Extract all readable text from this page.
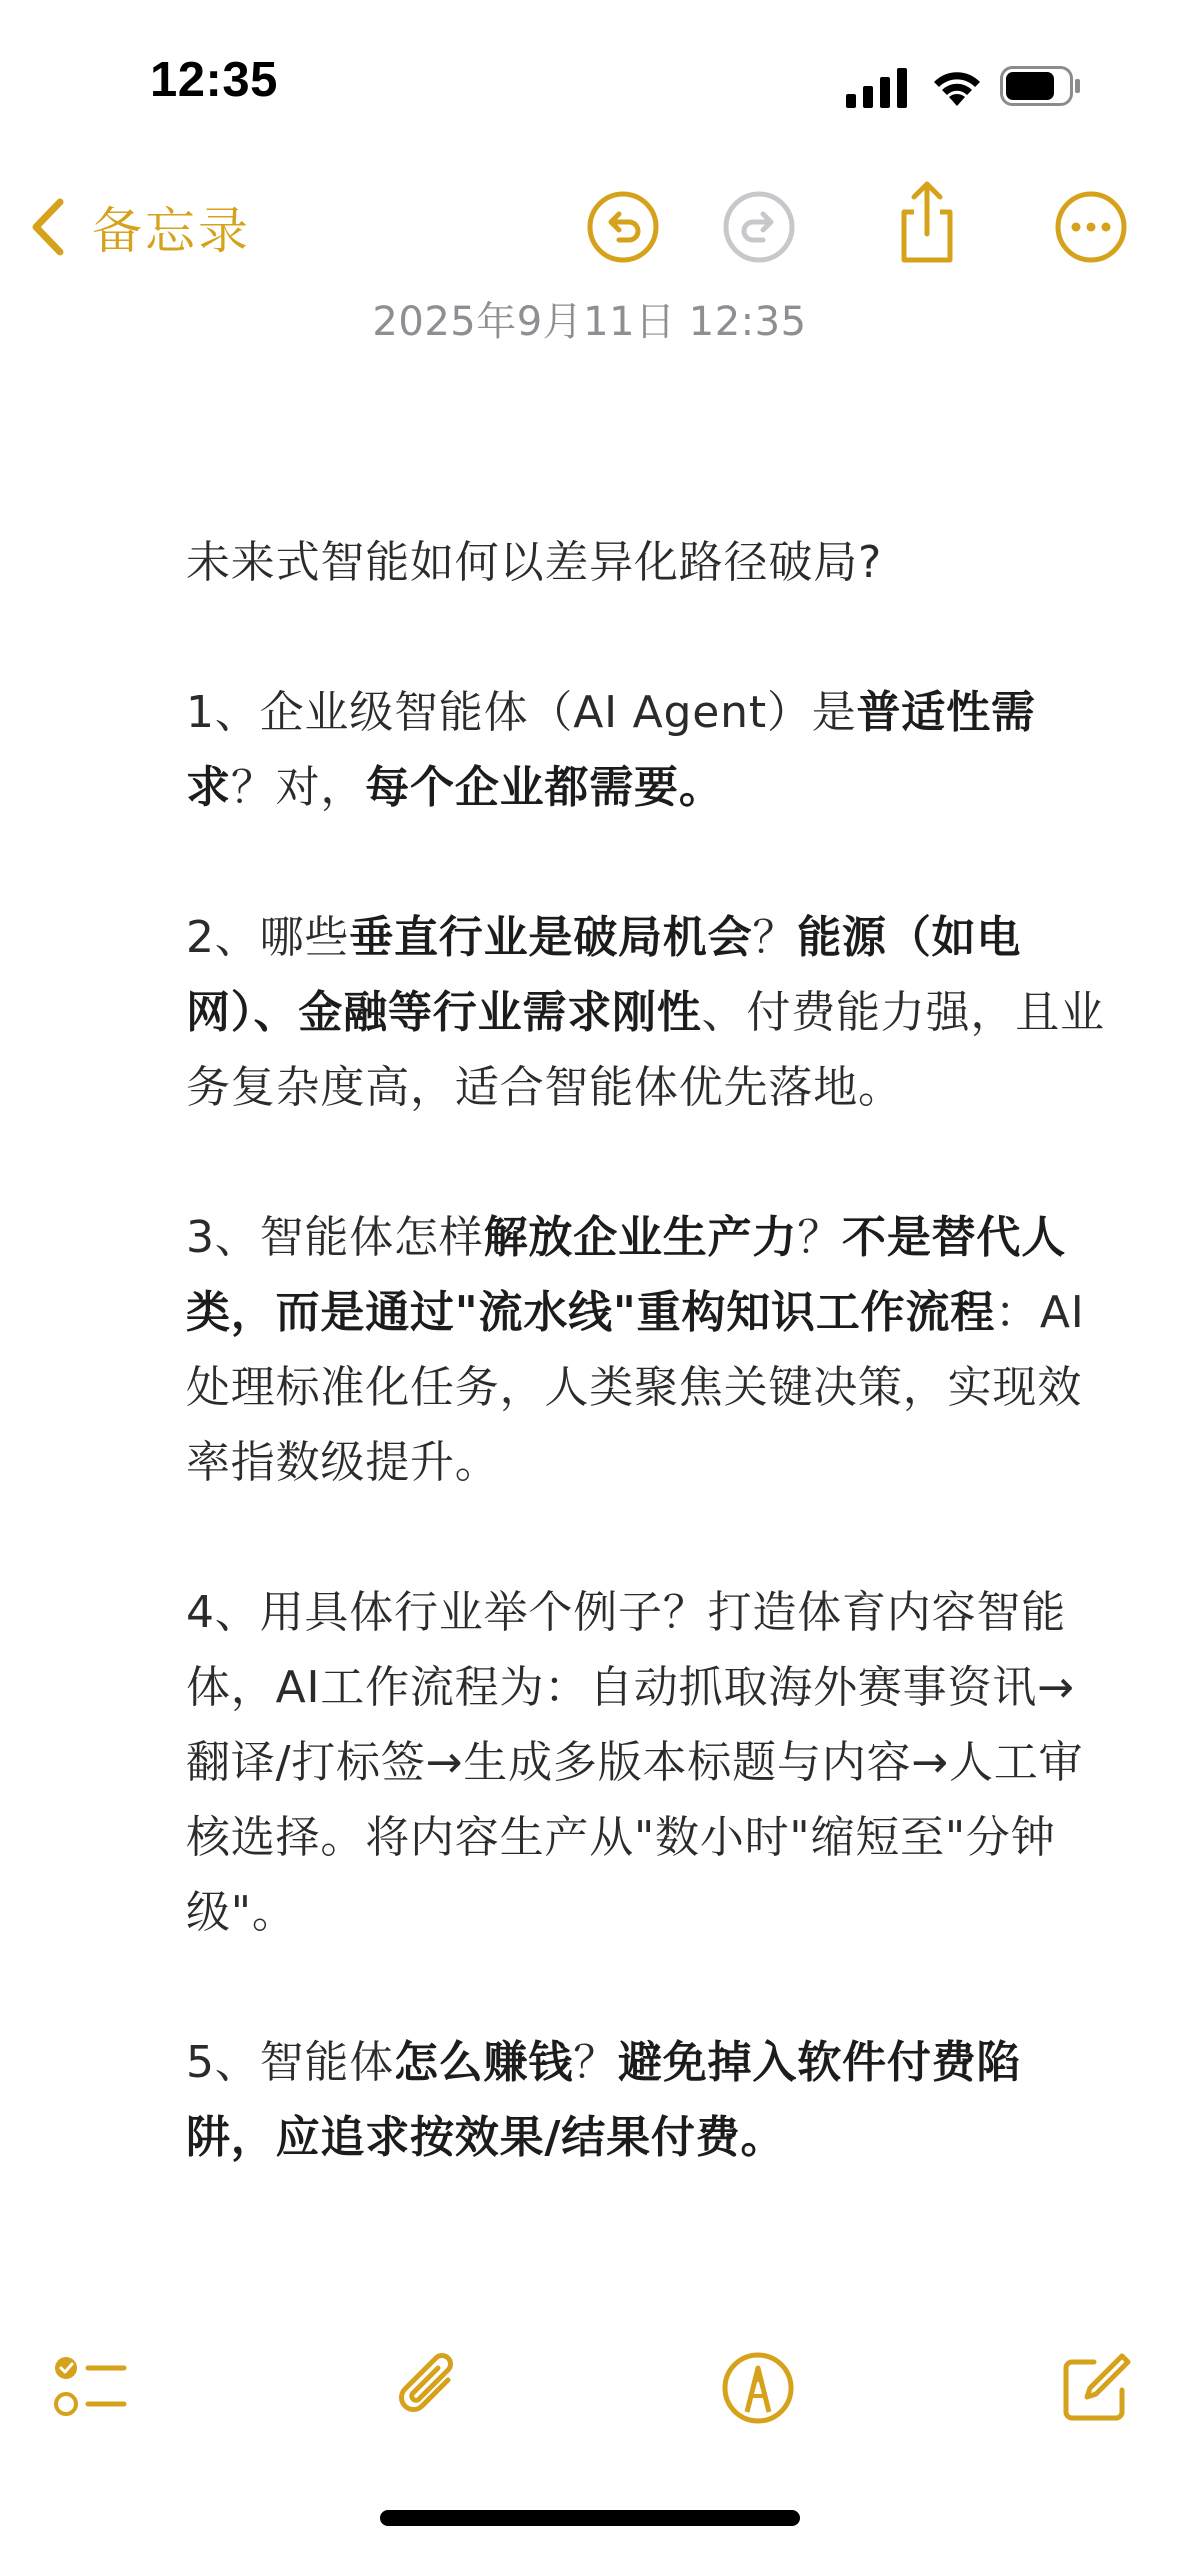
12:35
备忘录
2025年9月11日 12:35

未来式智能如何以差异化路径破局?

1、企业级智能体（AI Agent）是普适性需求？对，每个企业都需要。

2、哪些垂直行业是破局机会？能源（如电网）、金融等行业需求刚性、付费能力强，且业务复杂度高，适合智能体优先落地。

3、智能体怎样解放企业生产力？不是替代人类，而是通过"流水线"重构知识工作流程：AI处理标准化任务，人类聚焦关键决策，实现效率指数级提升。

4、用具体行业举个例子？打造体育内容智能体，AI工作流程为：自动抓取海外赛事资讯→翻译/打标签→生成多版本标题与内容→人工审核选择。将内容生产从"数小时"缩短至"分钟级"。

5、智能体怎么赚钱？避免掉入软件付费陷阱，应追求按效果/结果付费。
